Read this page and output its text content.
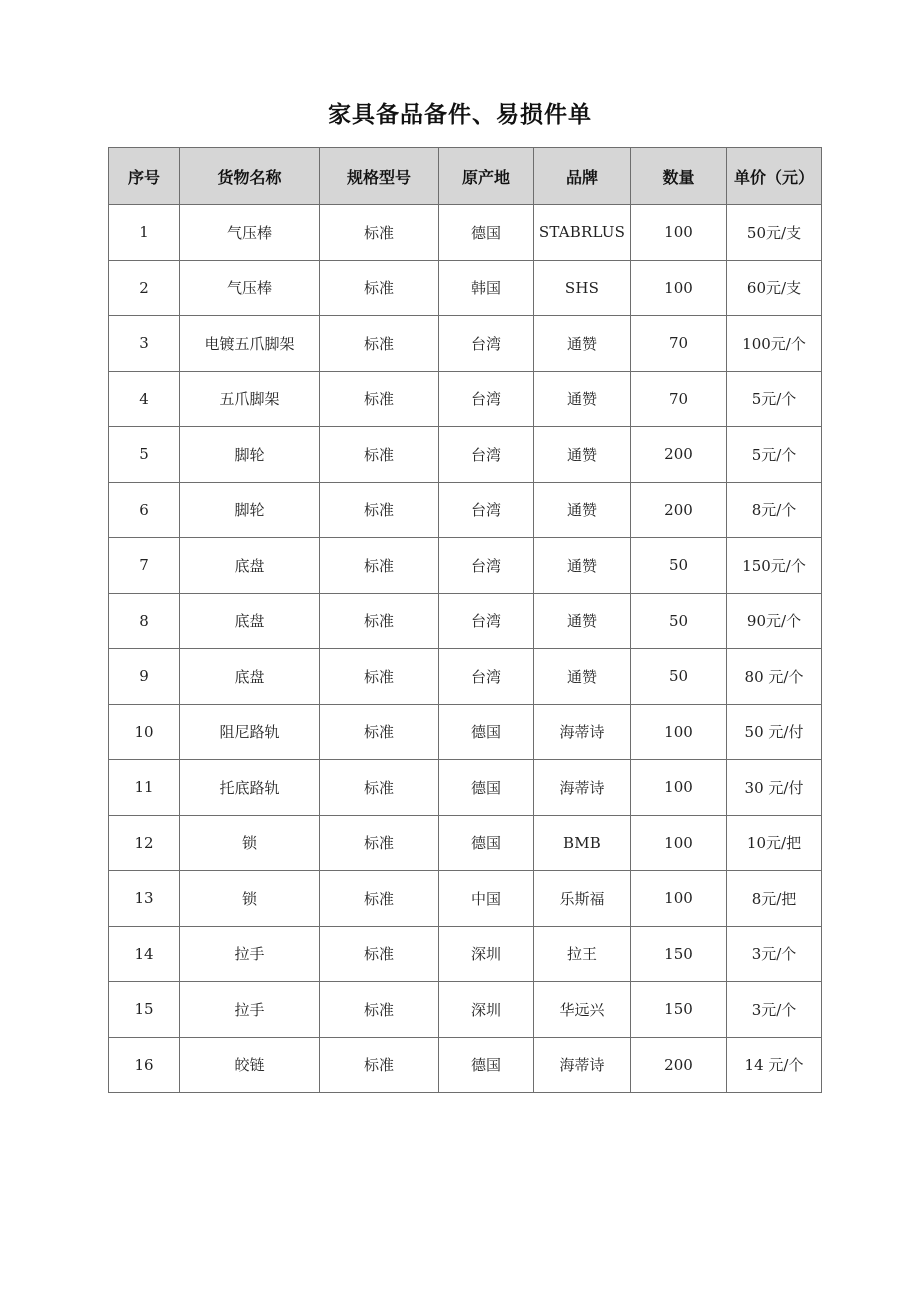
家具备品备件、易损件单
序号	货物名称	规格型号	原产地	品牌	数量	单价（元）
1	气压棒	标准	德国	STABRLUS	100	50元/支
2	气压棒	标准	韩国	SHS	100	60元/支
3	电镀五爪脚架	标准	台湾	通赞	70	100元/个
4	五爪脚架	标准	台湾	通赞	70	5元/个
5	脚轮	标准	台湾	通赞	200	5元/个
6	脚轮	标准	台湾	通赞	200	8元/个
7	底盘	标准	台湾	通赞	50	150元/个
8	底盘	标准	台湾	通赞	50	90元/个
9	底盘	标准	台湾	通赞	50	80 元/个
10	阻尼路轨	标准	德国	海蒂诗	100	50 元/付
11	托底路轨	标准	德国	海蒂诗	100	30 元/付
12	锁	标准	德国	BMB	100	10元/把
13	锁	标准	中国	乐斯福	100	8元/把
14	拉手	标准	深圳	拉王	150	3元/个
15	拉手	标准	深圳	华远兴	150	3元/个
16	皎链	标准	德国	海蒂诗	200	14 元/个
